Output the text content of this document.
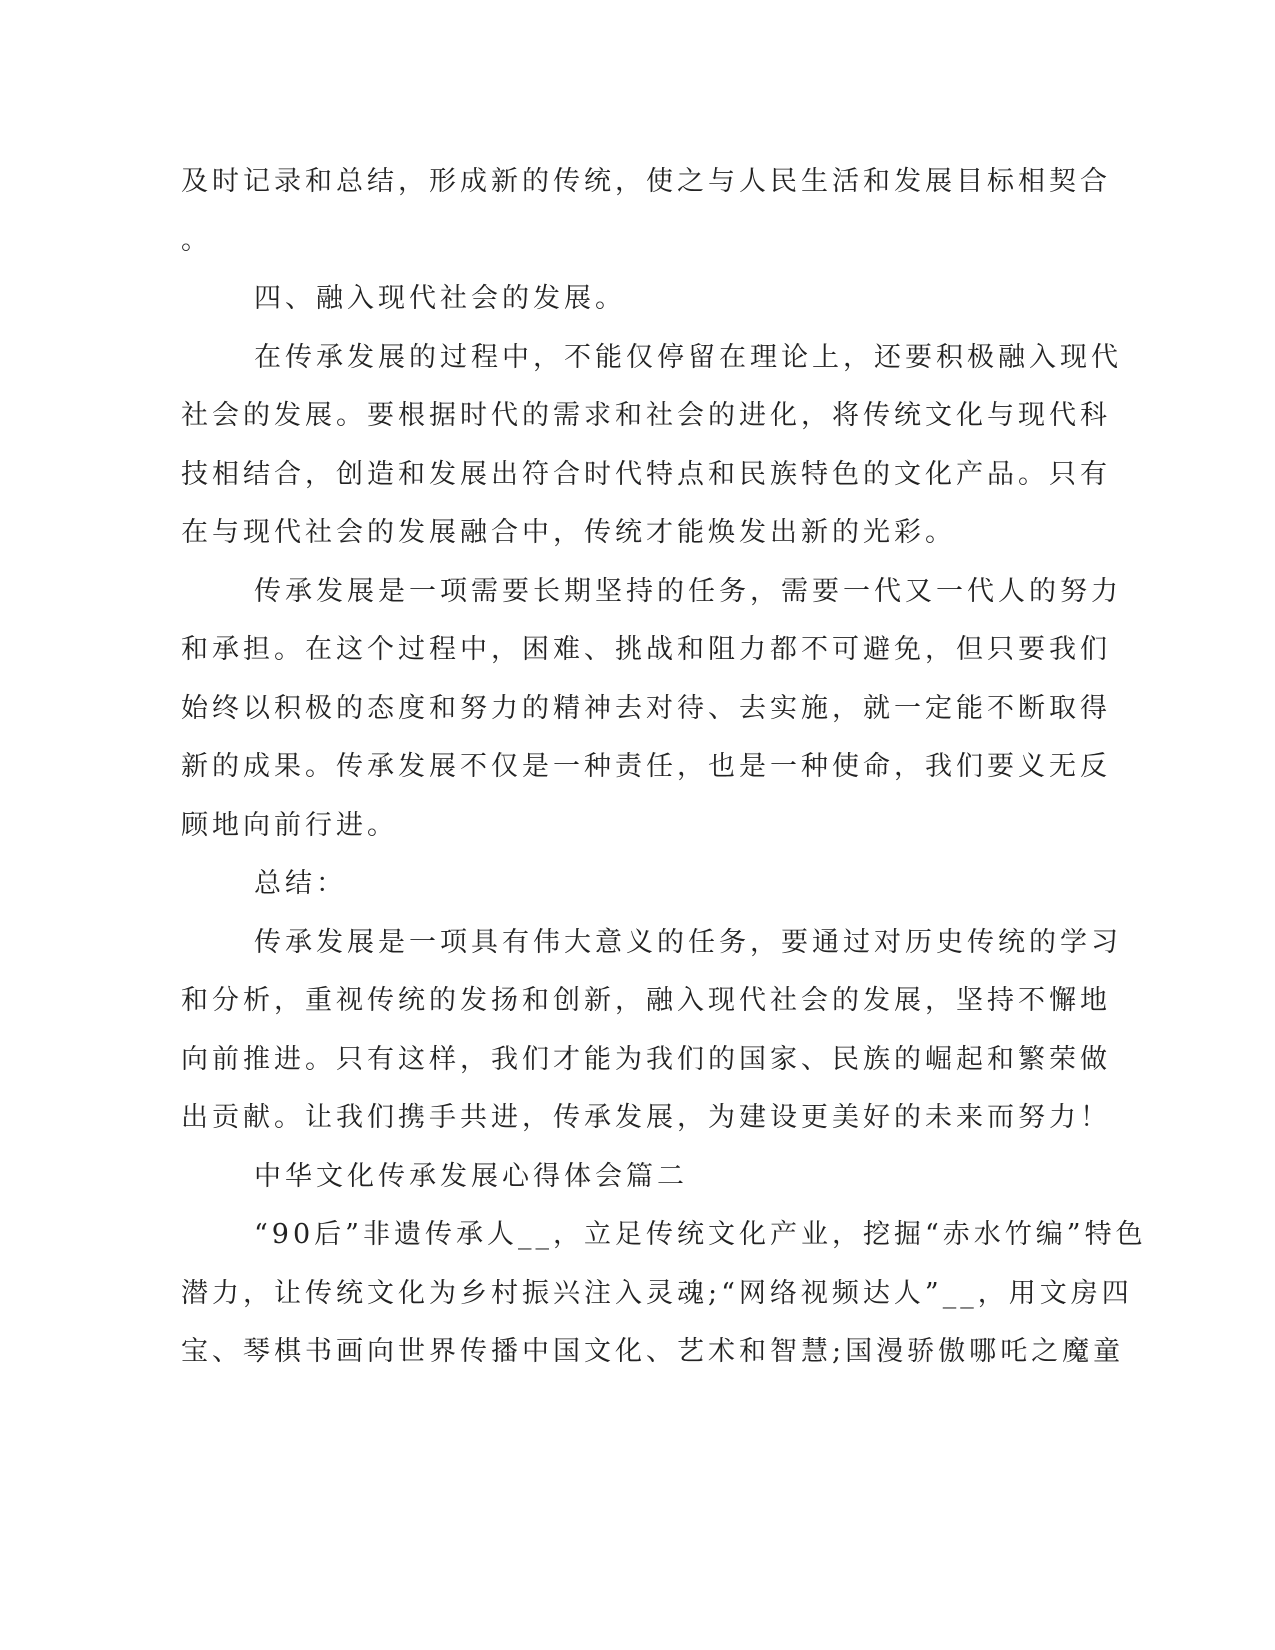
及时记录和总结，形成新的传统，使之与人民生活和发展目标相契合
。
四、融入现代社会的发展。
在传承发展的过程中，不能仅停留在理论上，还要积极融入现代
社会的发展。要根据时代的需求和社会的进化，将传统文化与现代科
技相结合，创造和发展出符合时代特点和民族特色的文化产品。只有
在与现代社会的发展融合中，传统才能焕发出新的光彩。
传承发展是一项需要长期坚持的任务，需要一代又一代人的努力
和承担。在这个过程中，困难、挑战和阻力都不可避免，但只要我们
始终以积极的态度和努力的精神去对待、去实施，就一定能不断取得
新的成果。传承发展不仅是一种责任，也是一种使命，我们要义无反
顾地向前行进。
总结：
传承发展是一项具有伟大意义的任务，要通过对历史传统的学习
和分析，重视传统的发扬和创新，融入现代社会的发展，坚持不懈地
向前推进。只有这样，我们才能为我们的国家、民族的崛起和繁荣做
出贡献。让我们携手共进，传承发展，为建设更美好的未来而努力！
中华文化传承发展心得体会篇二
“90后”非遗传承人__，立足传统文化产业，挖掘“赤水竹编”特色
潜力，让传统文化为乡村振兴注入灵魂;“网络视频达人”__，用文房四
宝、琴棋书画向世界传播中国文化、艺术和智慧;国漫骄傲哪吒之魔童
